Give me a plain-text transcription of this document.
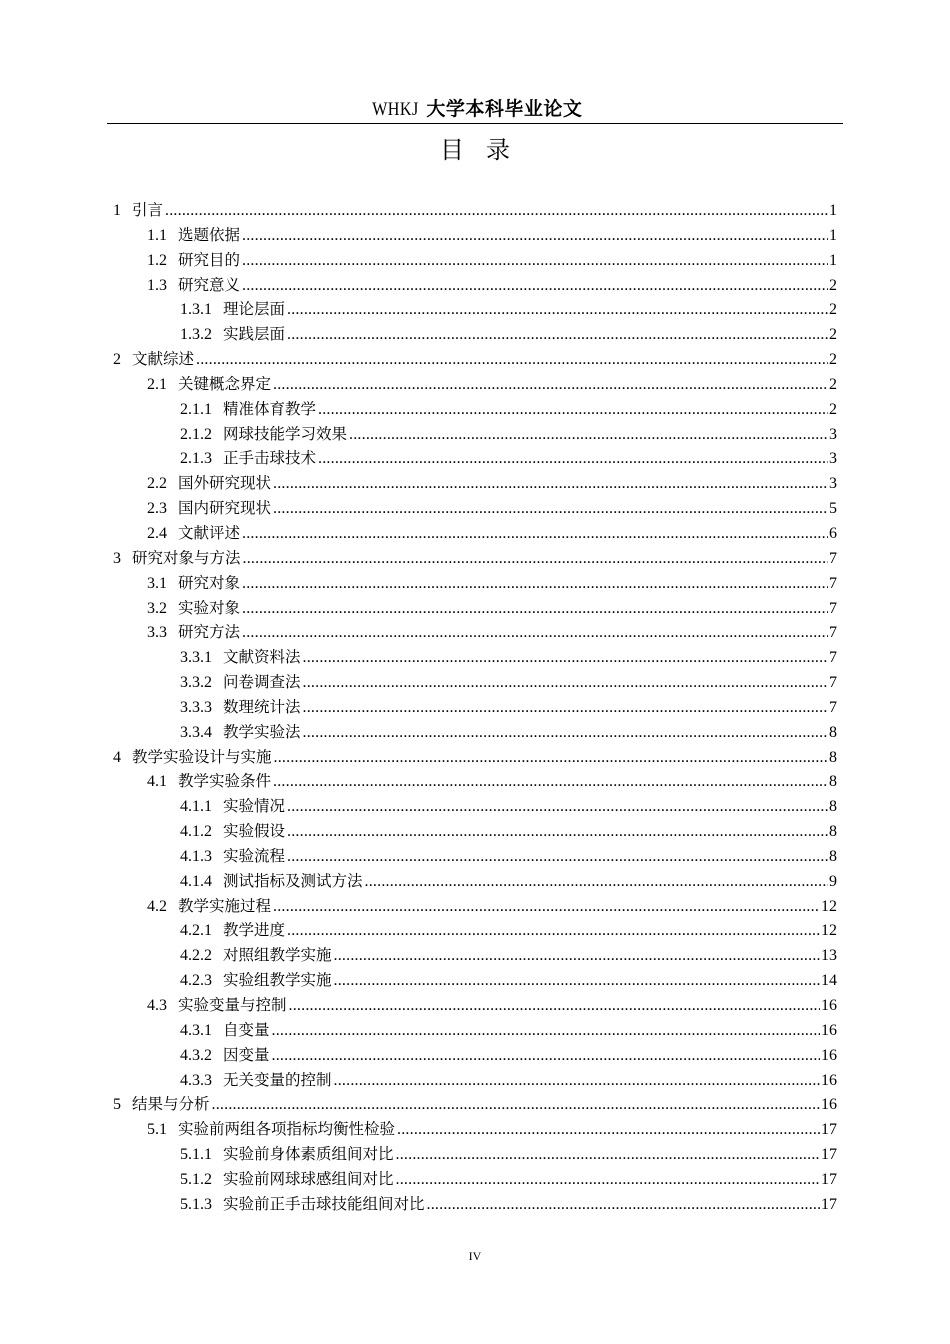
WHKJ 大学本科毕业论文
目录
1 引言 .....	1
1.1 选题依据 .....	1
1.2 研究目的 .....	1
1.3 研究意义 .....	2
1.3.1 理论层面 .....	2
1.3.2 实践层面 .....	2
2 文献综述 .....	2
2.1 关键概念界定 .....	2
2.1.1 精准体育教学 .....	2
2.1.2 网球技能学习效果 .....	3
2.1.3 正手击球技术 .....	3
2.2 国外研究现状 .....	3
2.3 国内研究现状 .....	5
2.4 文献评述 .....	6
3 研究对象与方法 .....	7
3.1 研究对象 .....	7
3.2 实验对象 .....	7
3.3 研究方法 .....	7
3.3.1 文献资料法 .....	7
3.3.2 问卷调查法 .....	7
3.3.3 数理统计法 .....	7
3.3.4 教学实验法 .....	8
4 教学实验设计与实施 .....	8
4.1 教学实验条件 .....	8
4.1.1 实验情况 .....	8
4.1.2 实验假设 .....	8
4.1.3 实验流程 .....	8
4.1.4 测试指标及测试方法 .....	9
4.2 教学实施过程 .....	12
4.2.1 教学进度 .....	12
4.2.2 对照组教学实施 .....	13
4.2.3 实验组教学实施 .....	14
4.3 实验变量与控制 .....	16
4.3.1 自变量 .....	16
4.3.2 因变量 .....	16
4.3.3 无关变量的控制 .....	16
5 结果与分析 .....	16
5.1 实验前两组各项指标均衡性检验 .....	17
5.1.1 实验前身体素质组间对比 .....	17
5.1.2 实验前网球球感组间对比 .....	17
5.1.3 实验前正手击球技能组间对比 .....	17
IV
